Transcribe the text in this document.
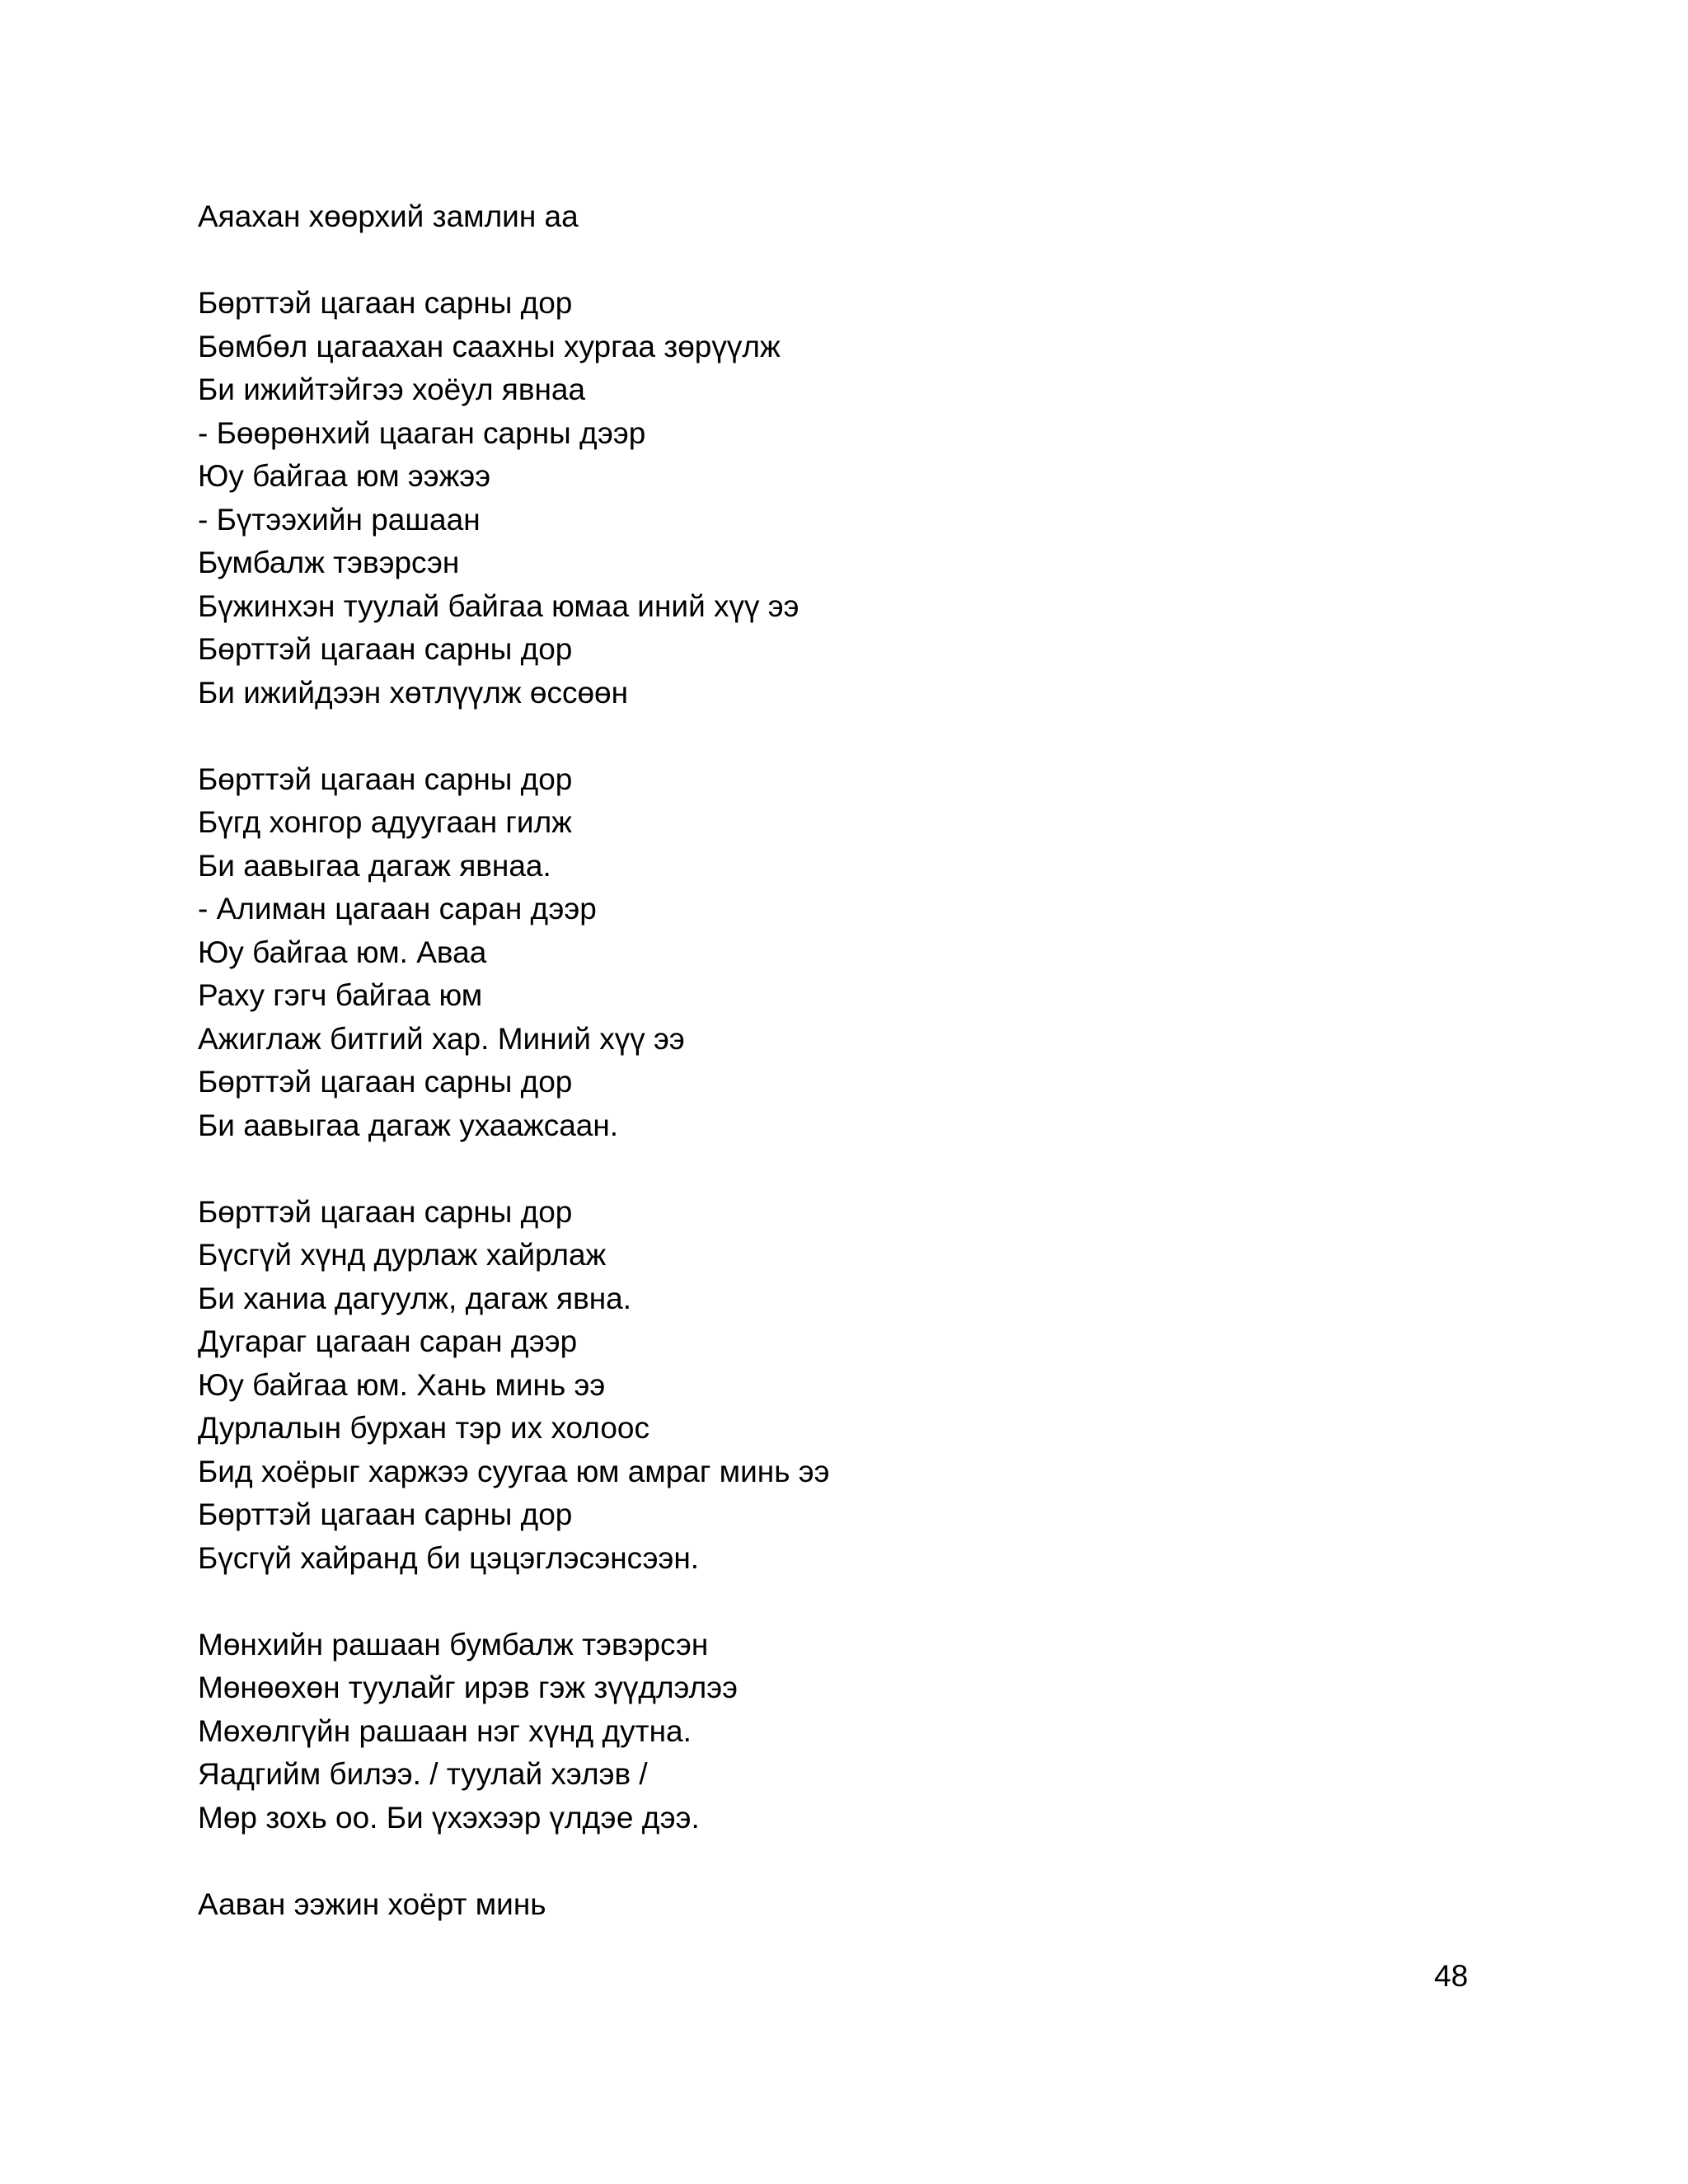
Аяахан хөөрхий замлин аа
Бөрттэй цагаан сарны дор
Бөмбөл цагаахан саахны хургаа зөрүүлж
Би ижийтэйгээ хоёул явнаа
- Бөөрөнхий цааган сарны дээр
Юу байгаа юм ээжээ
- Бүтээхийн рашаан
Бумбалж тэвэрсэн
Бүжинхэн туулай байгаа юмаа иний хүү ээ
Бөрттэй цагаан сарны дор
Би ижийдээн хөтлүүлж өссөөн
Бөрттэй цагаан сарны дор
Бүгд хонгор адуугаан гилж
Би аавыгаа дагаж явнаа.
- Алиман цагаан саран дээр
Юу байгаа юм. Аваа
Раху гэгч байгаа юм
Ажиглаж битгий хар. Миний хүү ээ
Бөрттэй цагаан сарны дор
Би аавыгаа дагаж ухаажсаан.
Бөрттэй цагаан сарны дор
Бүсгүй хүнд дурлаж хайрлаж
Би ханиа дагуулж, дагаж явна.
Дугараг цагаан саран дээр
Юу байгаа юм. Хань минь ээ
Дурлалын бурхан тэр их холоос
Бид хоёрыг харжээ суугаа юм амраг минь ээ
Бөрттэй цагаан сарны дор
Бүсгүй хайранд би цэцэглэсэнсээн.
Мөнхийн рашаан бумбалж тэвэрсэн
Мөнөөхөн туулайг ирэв гэж зүүдлэлээ
Мөхөлгүйн рашаан нэг хүнд дутна.
Яадгийм билээ. / туулай хэлэв /
Мөр зохь оо. Би үхэхээр үлдэе дээ.
Аавaн ээжин хоёрт минь
48
